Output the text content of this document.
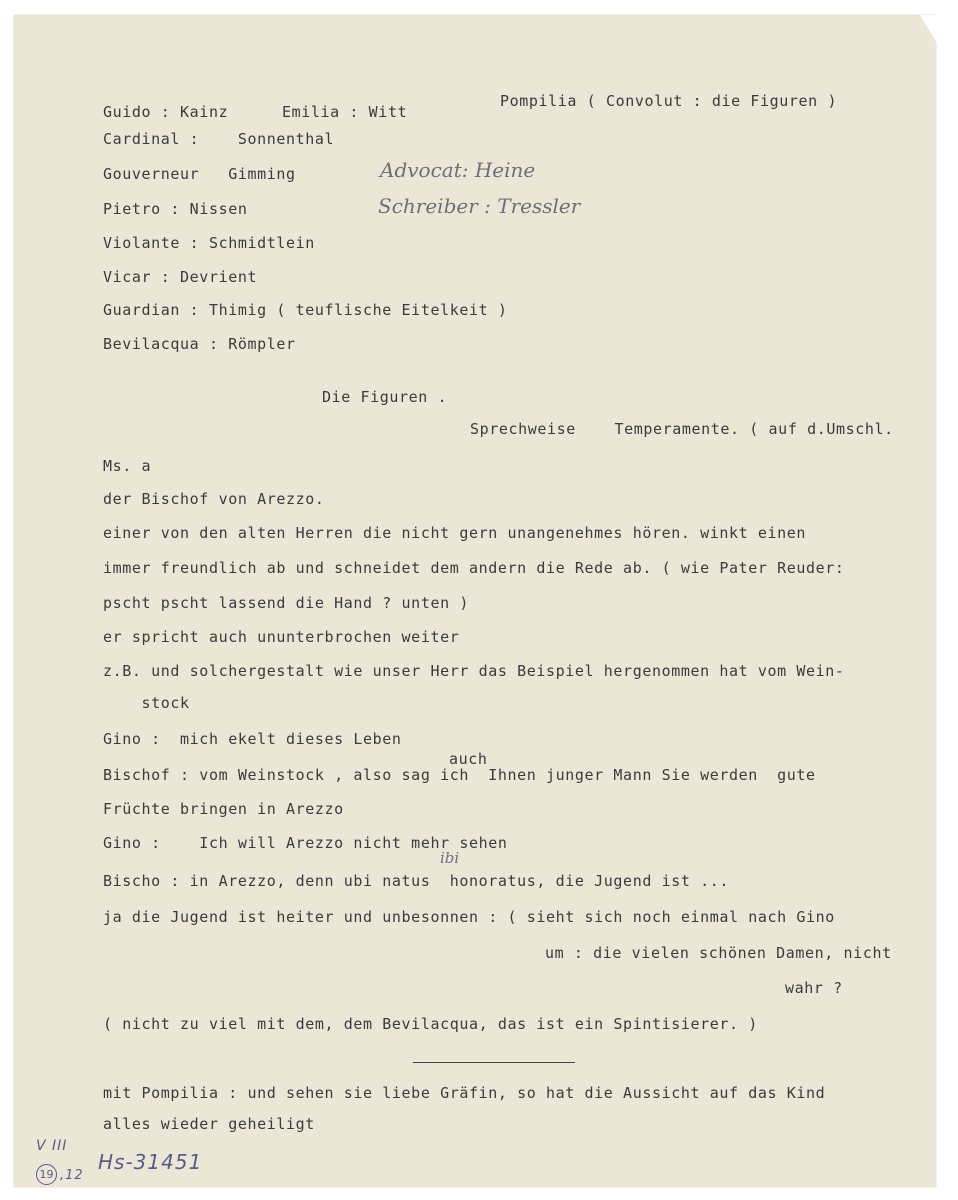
Guido : Kainz	Emilia : Witt
Pompilia ( Convolut : die Figuren )
Cardinal :    Sonnenthal
Gouverneur   Gimming
Pietro : Nissen
Violante : Schmidtlein
Vicar : Devrient
Guardian : Thimig ( teuflische Eitelkeit )
Bevilacqua : Römpler
Advocat: Heine
Schreiber : Tressler
Die Figuren .
Sprechweise    Temperamente. ( auf d.Umschl.
Ms. a
der Bischof von Arezzo.
einer von den alten Herren die nicht gern unangenehmes hören. winkt einen
immer freundlich ab und schneidet dem andern die Rede ab. ( wie Pater Reuder:
pscht pscht lassend die Hand ? unten )
er spricht auch ununterbrochen weiter
z.B. und solchergestalt wie unser Herr das Beispiel hergenommen hat vom Wein-
stock
Gino :  mich ekelt dieses Leben
auch
Bischof : vom Weinstock , also sag ich  Ihnen junger Mann Sie werden  gute
Früchte bringen in Arezzo
Gino :    Ich will Arezzo nicht mehr sehen
ibi
Bischo : in Arezzo, denn ubi natus  honoratus, die Jugend ist ...
ja die Jugend ist heiter und unbesonnen : ( sieht sich noch einmal nach Gino
um : die vielen schönen Damen, nicht
wahr ?
( nicht zu viel mit dem, dem Bevilacqua, das ist ein Spintisierer. )
mit Pompilia : und sehen sie liebe Gräfin, so hat die Aussicht auf das Kind
alles wieder geheiligt
V III
19 ,12
Hs-31451
